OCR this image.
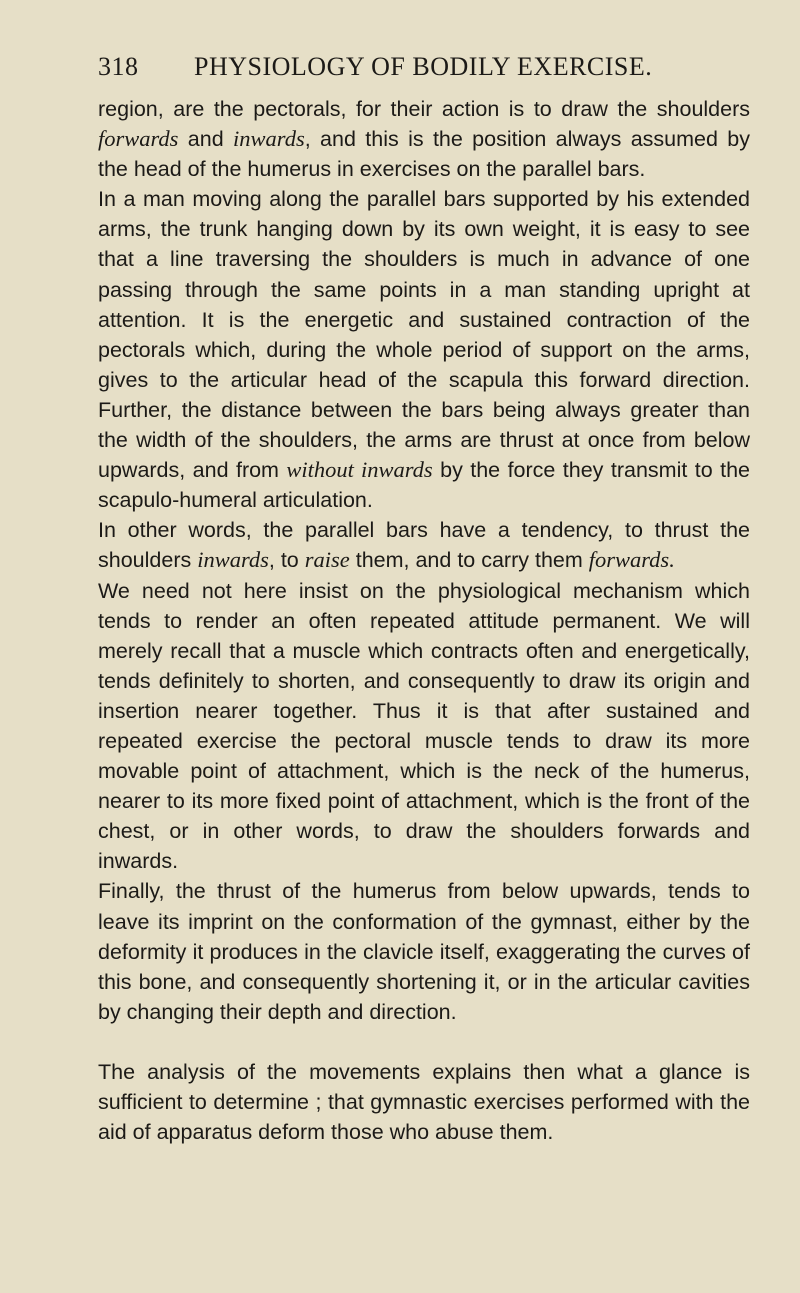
318	PHYSIOLOGY OF BODILY EXERCISE.

region, are the pectorals, for their action is to draw the shoulders forwards and inwards, and this is the position always assumed by the head of the humerus in exercises on the parallel bars.

In a man moving along the parallel bars supported by his extended arms, the trunk hanging down by its own weight, it is easy to see that a line traversing the shoulders is much in advance of one passing through the same points in a man standing upright at attention. It is the energetic and sustained contraction of the pectorals which, during the whole period of support on the arms, gives to the articular head of the scapula this forward direction. Further, the distance between the bars being always greater than the width of the shoulders, the arms are thrust at once from below upwards, and from without inwards by the force they transmit to the scapulo-humeral articulation.

In other words, the parallel bars have a tendency, to thrust the shoulders inwards, to raise them, and to carry them forwards.

We need not here insist on the physiological mechanism which tends to render an often repeated attitude permanent. We will merely recall that a muscle which contracts often and energetically, tends definitely to shorten, and consequently to draw its origin and insertion nearer together. Thus it is that after sustained and repeated exercise the pectoral muscle tends to draw its more movable point of attachment, which is the neck of the humerus, nearer to its more fixed point of attachment, which is the front of the chest, or in other words, to draw the shoulders forwards and inwards.

Finally, the thrust of the humerus from below upwards, tends to leave its imprint on the conformation of the gymnast, either by the deformity it produces in the clavicle itself, exaggerating the curves of this bone, and consequently shortening it, or in the articular cavities by changing their depth and direction.

The analysis of the movements explains then what a glance is sufficient to determine ; that gymnastic exercises performed with the aid of apparatus deform those who abuse them.
